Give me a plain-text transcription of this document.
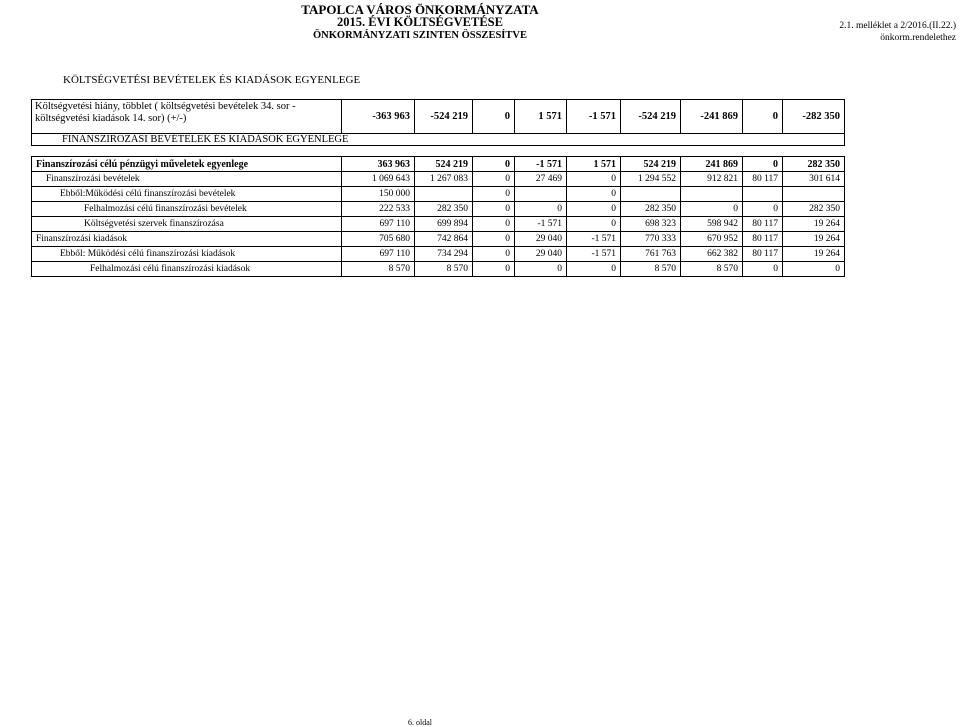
TAPOLCA VÁROS ÖNKORMÁNYZATA
2015. ÉVI KÖLTSÉGVETÉSE
ÖNKORMÁNYZATI SZINTEN ÖSSZESÍTVE
2.1. melléklet a 2/2016.(II.22.)
önkorm.rendelethez
KÖLTSÉGVETÉSI BEVÉTELEK ÉS KIADÁSOK EGYENLEGE
Költségvetési hiány, többlet ( költségvetési bevételek 34. sor - költségvetési kiadások 14. sor) (+/-)	-363 963	-524 219	0	1 571	-1 571	-524 219	-241 869	0	-282 350
FINANSZÍROZÁSI BEVÉTELEK ÉS KIADÁSOK EGYENLEGE
Finanszírozási célú pénzügyi műveletek egyenlege	363 963	524 219	0	-1 571	1 571	524 219	241 869	0	282 350
Finanszírozási bevételek	1 069 643	1 267 083	0	27 469	0	1 294 552	912 821	80 117	301 614
Ebből:Működési célú finanszírozási bevételek	150 000		0		0				
Felhalmozási célú finanszírozási bevételek	222 533	282 350	0	0	0	282 350	0	0	282 350
Költségvetési szervek finanszírozása	697 110	699 894	0	-1 571	0	698 323	598 942	80 117	19 264
Finanszírozási kiadások	705 680	742 864	0	29 040	-1 571	770 333	670 952	80 117	19 264
Ebből: Működési célú finanszírozási kiadások	697 110	734 294	0	29 040	-1 571	761 763	662 382	80 117	19 264
Felhalmozási célú finanszírozási kiadások	8 570	8 570	0	0	0	8 570	8 570	0	0
6. oldal
